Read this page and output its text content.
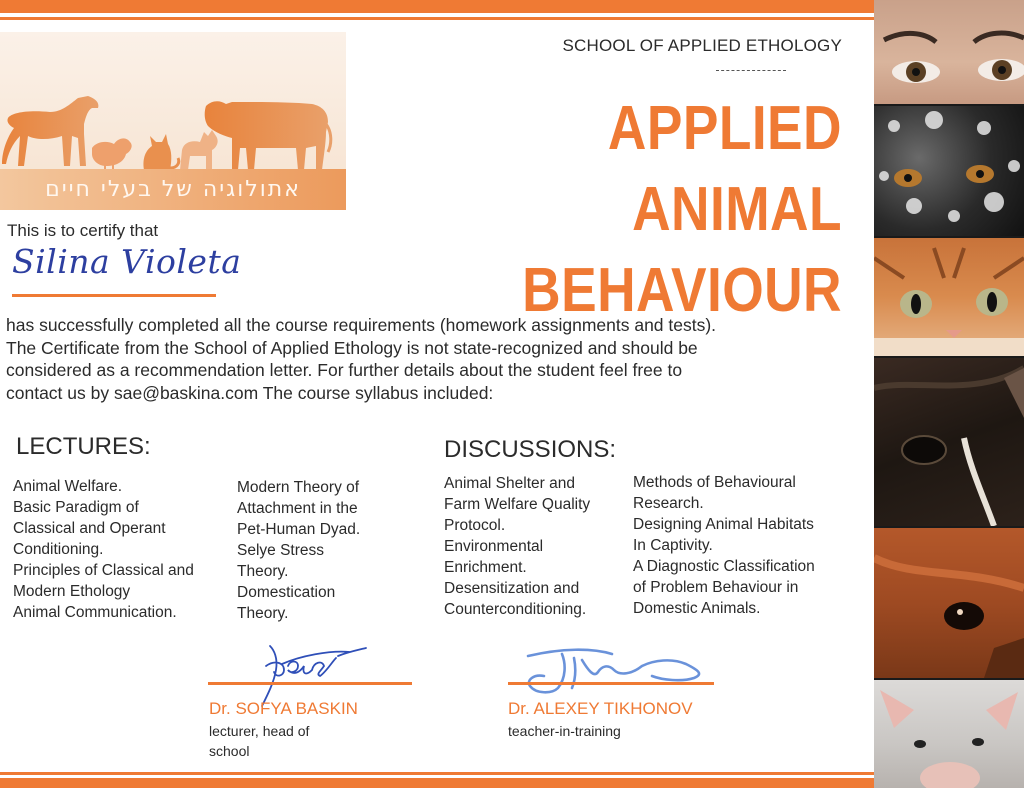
אתולוגיה של בעלי חיים
SCHOOL OF APPLIED ETHOLOGY
APPLIED ANIMAL
BEHAVIOUR
This is to certify that
Silina Violeta

has successfully completed all the course requirements (homework assignments and tests).

The Certificate from the School of Applied Ethology is not state-recognized and should be

considered as a recommendation letter. For further details about the student feel free to

contact us by sae@baskina.com The course syllabus included:

LECTURES:	DISCUSSIONS:
Animal Welfare.
Basic Paradigm of
Classical and Operant
Conditioning.
Principles of Classical and
Modern Ethology
Animal Communication.
Modern Theory of
Attachment in the
Pet-Human Dyad.
Selye Stress
Theory.
Domestication
Theory.
Animal Shelter and
Farm Welfare Quality
Protocol.
Environmental
Enrichment.
Desensitization and
Counterconditioning.
Methods of Behavioural
Research.
Designing Animal Habitats
In Captivity.
A Diagnostic Classification
of Problem Behaviour in
Domestic Animals.
Dr. SOFYA BASKIN
lecturer, head of
school
Dr. ALEXEY TIKHONOV
teacher-in-training
